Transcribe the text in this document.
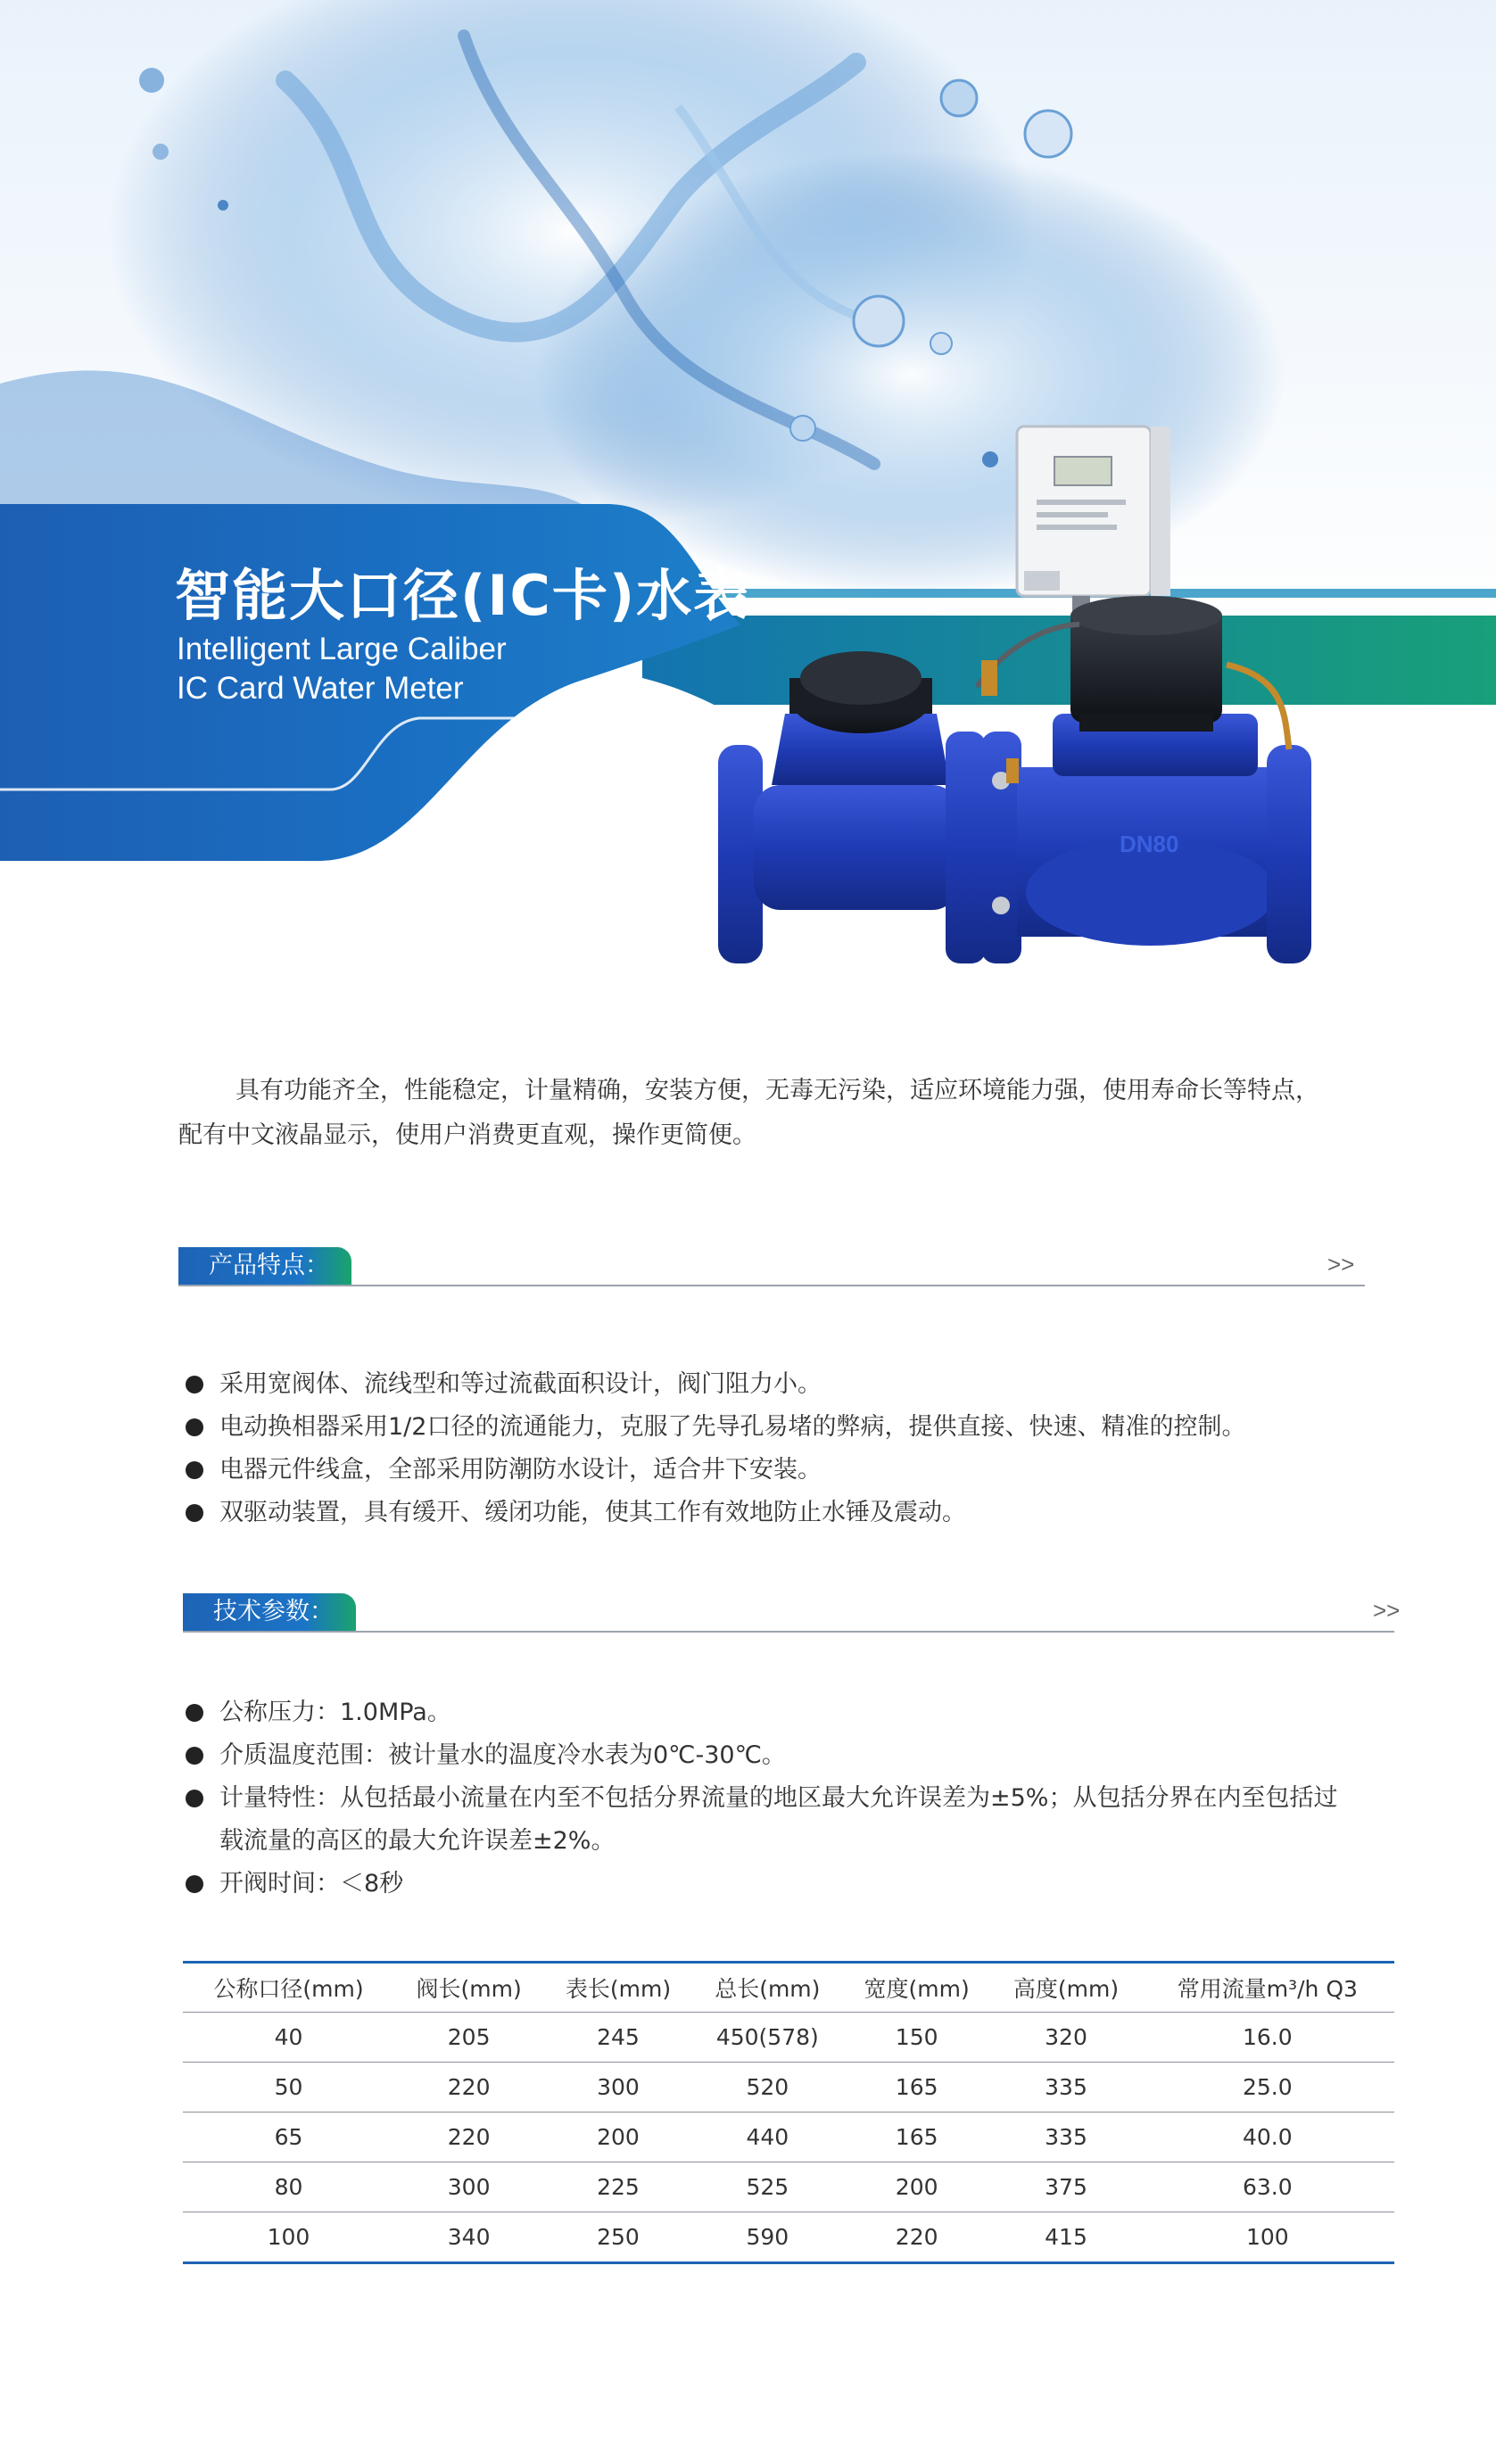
DN80
智能大口径(IC卡)水表
Intelligent Large Caliber
IC Card Water Meter

具有功能齐全，性能稳定，计量精确，安装方便，无毒无污染，适应环境能力强，使用寿命长等特点，

配有中文液晶显示，使用户消费更直观，操作更简便。

产品特点：	>>
采用宽阀体、流线型和等过流截面积设计，阀门阻力小。
电动换相器采用1/2口径的流通能力，克服了先导孔易堵的弊病，提供直接、快速、精准的控制。
电器元件线盒，全部采用防潮防水设计，适合井下安装。
双驱动装置，具有缓开、缓闭功能，使其工作有效地防止水锤及震动。
技术参数：	>>
公称压力：1.0MPa。
介质温度范围：被计量水的温度冷水表为0℃-30℃。
计量特性：从包括最小流量在内至不包括分界流量的地区最大允许误差为±5%；从包括分界在内至包括过
载流量的高区的最大允许误差±2%。
开阀时间：＜8秒
公称口径(mm)	阀长(mm)	表长(mm)	总长(mm)	宽度(mm)	高度(mm)	常用流量m³/h Q3
40	205	245	450(578)	150	320	16.0
50	220	300	520	165	335	25.0
65	220	200	440	165	335	40.0
80	300	225	525	200	375	63.0
100	340	250	590	220	415	100
